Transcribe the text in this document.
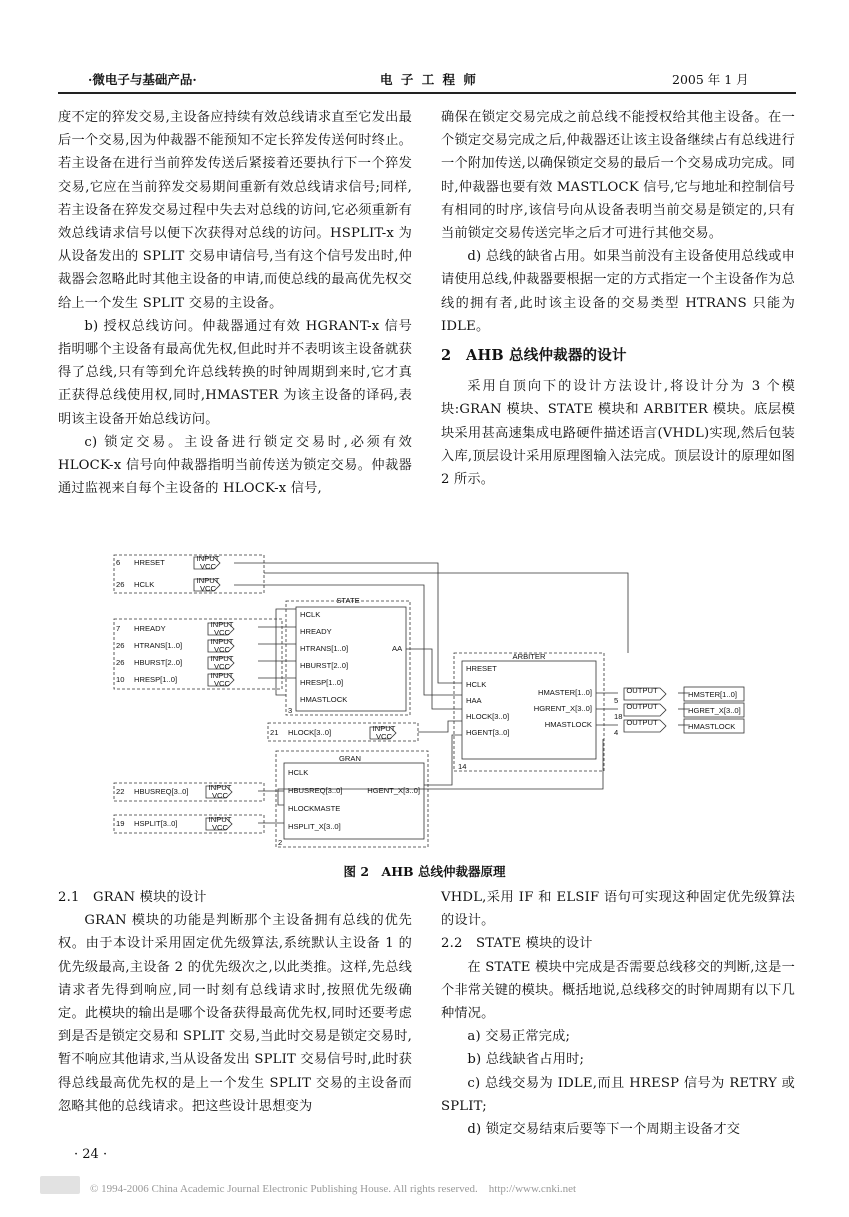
·微电子与基础产品·	电 子 工 程 师	2005 年 1 月

度不定的猝发交易,主设备应持续有效总线请求直至它发出最后一个交易,因为仲裁器不能预知不定长猝发传送何时终止。若主设备在进行当前猝发传送后紧接着还要执行下一个猝发交易,它应在当前猝发交易期间重新有效总线请求信号;同样,若主设备在猝发交易过程中失去对总线的访问,它必须重新有效总线请求信号以便下次获得对总线的访问。HSPLIT-x 为从设备发出的 SPLIT 交易申请信号,当有这个信号发出时,仲裁器会忽略此时其他主设备的申请,而使总线的最高优先权交给上一个发生 SPLIT 交易的主设备。

b) 授权总线访问。仲裁器通过有效 HGRANT-x 信号指明哪个主设备有最高优先权,但此时并不表明该主设备就获得了总线,只有等到允许总线转换的时钟周期到来时,它才真正获得总线使用权,同时,HMASTER 为该主设备的译码,表明该主设备开始总线访问。

c) 锁定交易。主设备进行锁定交易时,必须有效 HLOCK-x 信号向仲裁器指明当前传送为锁定交易。仲裁器通过监视来自每个主设备的 HLOCK-x 信号,

确保在锁定交易完成之前总线不能授权给其他主设备。在一个锁定交易完成之后,仲裁器还让该主设备继续占有总线进行一个附加传送,以确保锁定交易的最后一个交易成功完成。同时,仲裁器也要有效 MASTLOCK 信号,它与地址和控制信号有相同的时序,该信号向从设备表明当前交易是锁定的,只有当前锁定交易传送完毕之后才可进行其他交易。

d) 总线的缺省占用。如果当前没有主设备使用总线或申请使用总线,仲裁器要根据一定的方式指定一个主设备作为总线的拥有者,此时该主设备的交易类型 HTRANS 只能为 IDLE。

2　AHB 总线仲裁器的设计

采用自顶向下的设计方法设计,将设计分为 3 个模块:GRAN 模块、STATE 模块和 ARBITER 模块。底层模块采用甚高速集成电路硬件描述语言(VHDL)实现,然后包装入库,顶层设计采用原理图输入法完成。顶层设计的原理如图 2 所示。

6 HRESET	INPUT
VCC
26 HCLK	INPUT
VCC
7 HREADY	INPUT
VCC
26 HTRANS[1..0]	INPUT
VCC
26 HBURST[2..0]	INPUT
VCC
10 HRESP[1..0]	INPUT
VCC
21 HLOCK[3..0]	INPUT
VCC
22 HBUSREQ[3..0]	INPUT
VCC
19 HSPLIT[3..0]	INPUT
VCC
STATE
HCLK
HREADY
HTRANS[1..0]
HBURST[2..0]
HRESP[1..0]
HMASTLOCK
AA
3
ARBITER
HRESET
HCLK
HAA
HLOCK[3..0]
HGENT[3..0]
HMASTER[1..0]
HGRENT_X[3..0]
HMASTLOCK
14
GRAN
HCLK
HBUSREQ[3..0]
HLOCKMASTE
HSPLIT_X[3..0]
HGENT_X[3..0]
2
OUTPUT
5
HMSTER[1..0]
OUTPUT
18
HGRET_X[3..0]
OUTPUT
4
HMASTLOCK
图 2　AHB 总线仲裁器原理

2.1　GRAN 模块的设计

GRAN 模块的功能是判断那个主设备拥有总线的优先权。由于本设计采用固定优先级算法,系统默认主设备 1 的优先级最高,主设备 2 的优先级次之,以此类推。这样,先总线请求者先得到响应,同一时刻有总线请求时,按照优先级确定。此模块的输出是哪个设备获得最高优先权,同时还要考虑到是否是锁定交易和 SPLIT 交易,当此时交易是锁定交易时,暂不响应其他请求,当从设备发出 SPLIT 交易信号时,此时获得总线最高优先权的是上一个发生 SPLIT 交易的主设备而忽略其他的总线请求。把这些设计思想变为

VHDL,采用 IF 和 ELSIF 语句可实现这种固定优先级算法的设计。

2.2　STATE 模块的设计

在 STATE 模块中完成是否需要总线移交的判断,这是一个非常关键的模块。概括地说,总线移交的时钟周期有以下几种情况。

a) 交易正常完成;

b) 总线缺省占用时;

c) 总线交易为 IDLE,而且 HRESP 信号为 RETRY 或 SPLIT;

d) 锁定交易结束后要等下一个周期主设备才交

· 24 ·
© 1994-2006 China Academic Journal Electronic Publishing House. All rights reserved.　http://www.cnki.net
